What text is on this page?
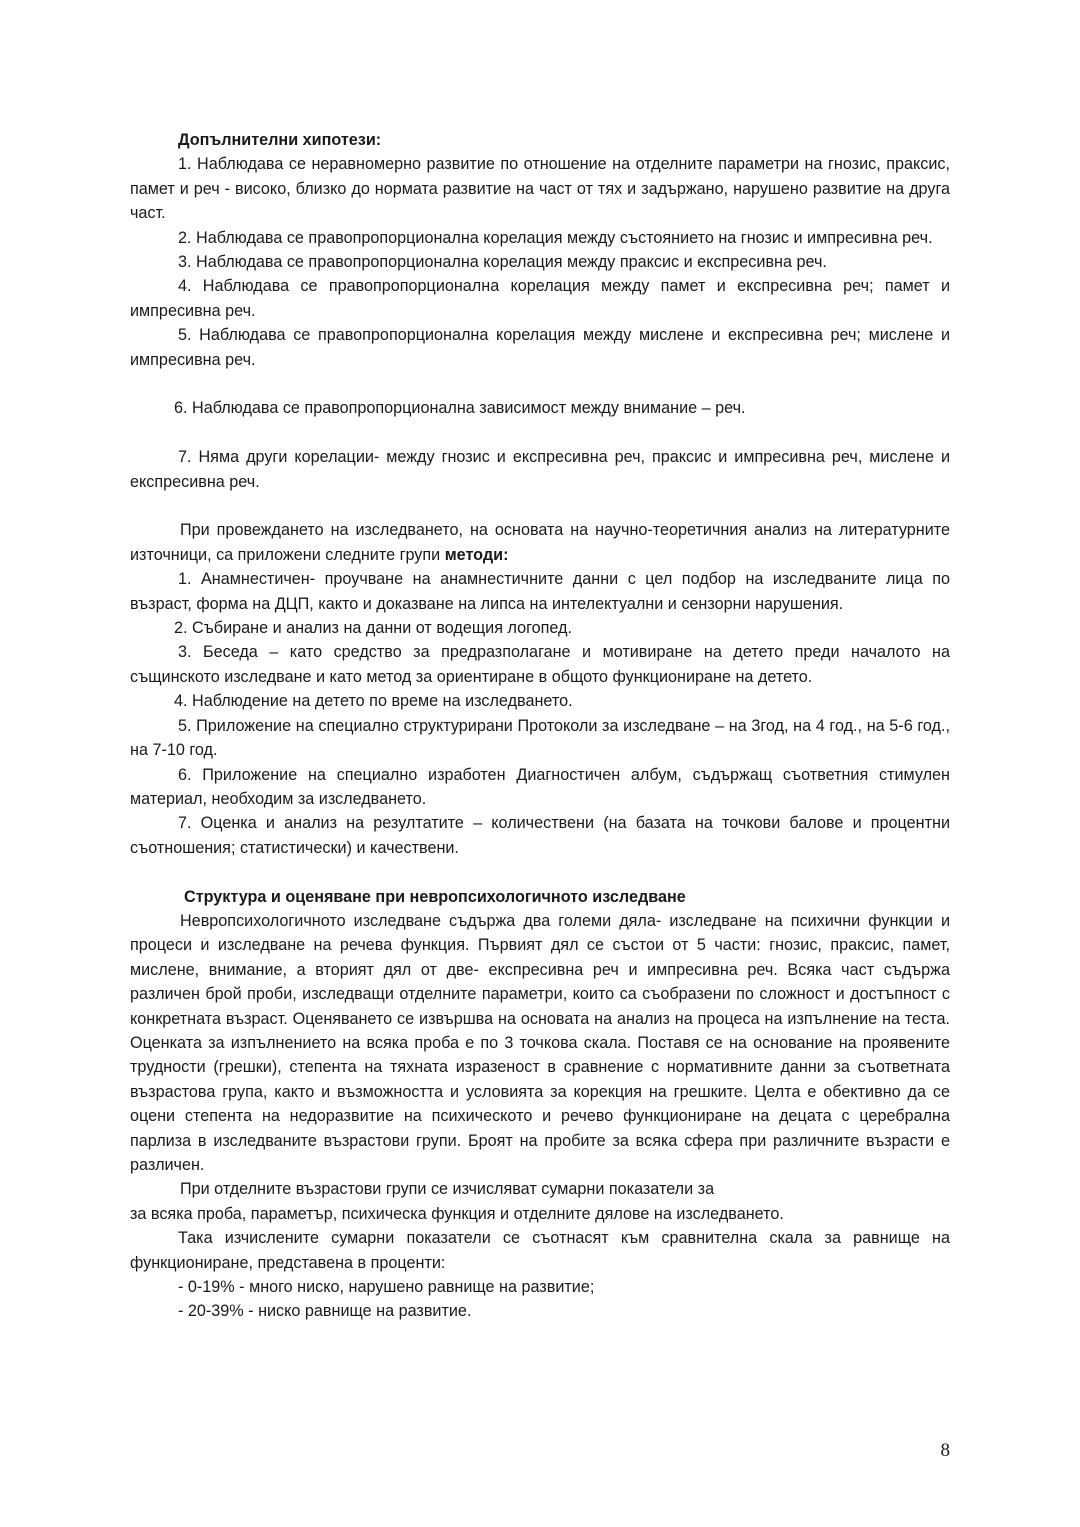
Допълнителни хипотези:

1. Наблюдава се неравномерно развитие по отношение на отделните параметри на гнозис, праксис, памет и реч - високо, близко до нормата развитие на част от тях и задържано, нарушено развитие на друга част.

2. Наблюдава се правопропорционална корелация между състоянието на гнозис и импресивна реч.

3. Наблюдава се правопропорционална корелация между праксис и експресивна реч.

4. Наблюдава се правопропорционална корелация между памет и експресивна реч; памет и импресивна реч.

5. Наблюдава се правопропорционална корелация между мислене и експресивна реч; мислене и импресивна реч.

6. Наблюдава се правопропорционална зависимост между внимание – реч.

7. Няма други корелации- между гнозис и експресивна реч, праксис и импресивна реч, мислене и експресивна реч.

При провеждането на изследването, на основата на научно-теоретичния анализ на литературните източници, са приложени следните групи методи:

1. Анамнестичен- проучване на анамнестичните данни с цел подбор на изследваните лица по възраст, форма на ДЦП, както и доказване на липса на интелектуални и сензорни нарушения.

2. Събиране и анализ на данни от водещия логопед.

3. Беседа – като средство за предразполагане и мотивиране на детето преди началото на същинското изследване и като метод за ориентиране в общото функциониране на детето.

4. Наблюдение на детето по време на изследването.

5. Приложение на специално структурирани Протоколи за изследване – на 3год, на 4 год., на 5-6 год., на 7-10 год.

6. Приложение на специално изработен Диагностичен албум, съдържащ съответния стимулен материал, необходим за изследването.

7. Оценка и анализ на резултатите – количествени (на базата на точкови балове и процентни съотношения; статистически) и качествени.

Структура и оценяване при невропсихологичното изследване

Невропсихологичното изследване съдържа два големи дяла- изследване на психични функции и процеси и изследване на речева функция. Първият дял се състои от 5 части: гнозис, праксис, памет, мислене, внимание, а вторият дял от две- експресивна реч и импресивна реч. Всяка част съдържа различен брой проби, изследващи отделните параметри, които са съобразени по сложност и достъпност с конкретната възраст. Оценяването се извършва на основата на анализ на процеса на изпълнение на теста. Оценката за изпълнението на всяка проба е по 3 точкова скала. Поставя се на основание на проявените трудности (грешки), степента на тяхната изразеност в сравнение с нормативните данни за съответната възрастова група, както и възможността и условията за корекция на грешките. Целта е обективно да се оцени степента на недоразвитие на психическото и речево функциониране на децата с церебрална парлиза в изследваните възрастови групи. Броят на пробите за всяка сфера при различните възрасти е различен.

При отделните възрастови групи се изчисляват сумарни показатели за

за всяка проба, параметър, психическа функция и отделните дялове на изследването.

Така изчислените сумарни показатели се съотнасят към сравнителна скала за равнище на функциониране, представена в проценти:

- 0-19% - много ниско, нарушено равнище на развитие;

- 20-39% - ниско равнище на развитие.

8
